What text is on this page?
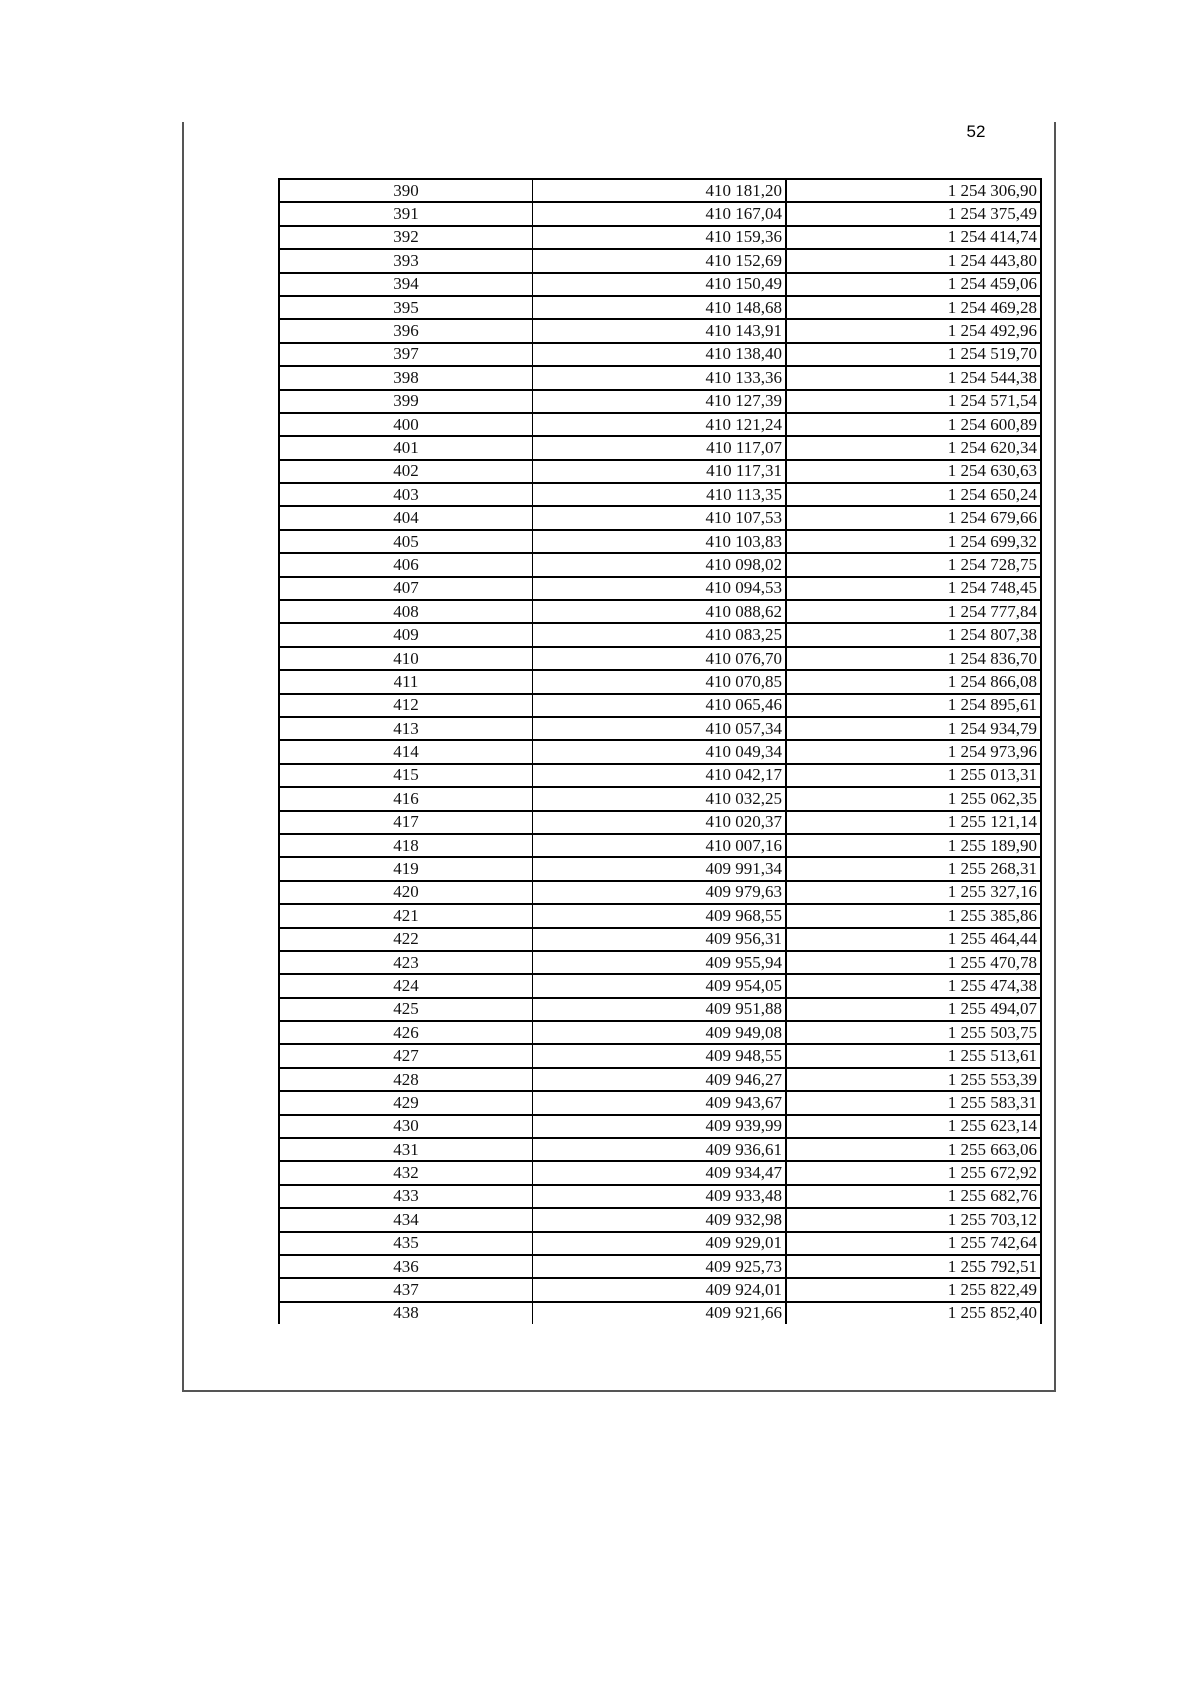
52
390	410 181,20	1 254 306,90
391	410 167,04	1 254 375,49
392	410 159,36	1 254 414,74
393	410 152,69	1 254 443,80
394	410 150,49	1 254 459,06
395	410 148,68	1 254 469,28
396	410 143,91	1 254 492,96
397	410 138,40	1 254 519,70
398	410 133,36	1 254 544,38
399	410 127,39	1 254 571,54
400	410 121,24	1 254 600,89
401	410 117,07	1 254 620,34
402	410 117,31	1 254 630,63
403	410 113,35	1 254 650,24
404	410 107,53	1 254 679,66
405	410 103,83	1 254 699,32
406	410 098,02	1 254 728,75
407	410 094,53	1 254 748,45
408	410 088,62	1 254 777,84
409	410 083,25	1 254 807,38
410	410 076,70	1 254 836,70
411	410 070,85	1 254 866,08
412	410 065,46	1 254 895,61
413	410 057,34	1 254 934,79
414	410 049,34	1 254 973,96
415	410 042,17	1 255 013,31
416	410 032,25	1 255 062,35
417	410 020,37	1 255 121,14
418	410 007,16	1 255 189,90
419	409 991,34	1 255 268,31
420	409 979,63	1 255 327,16
421	409 968,55	1 255 385,86
422	409 956,31	1 255 464,44
423	409 955,94	1 255 470,78
424	409 954,05	1 255 474,38
425	409 951,88	1 255 494,07
426	409 949,08	1 255 503,75
427	409 948,55	1 255 513,61
428	409 946,27	1 255 553,39
429	409 943,67	1 255 583,31
430	409 939,99	1 255 623,14
431	409 936,61	1 255 663,06
432	409 934,47	1 255 672,92
433	409 933,48	1 255 682,76
434	409 932,98	1 255 703,12
435	409 929,01	1 255 742,64
436	409 925,73	1 255 792,51
437	409 924,01	1 255 822,49
438	409 921,66	1 255 852,40
